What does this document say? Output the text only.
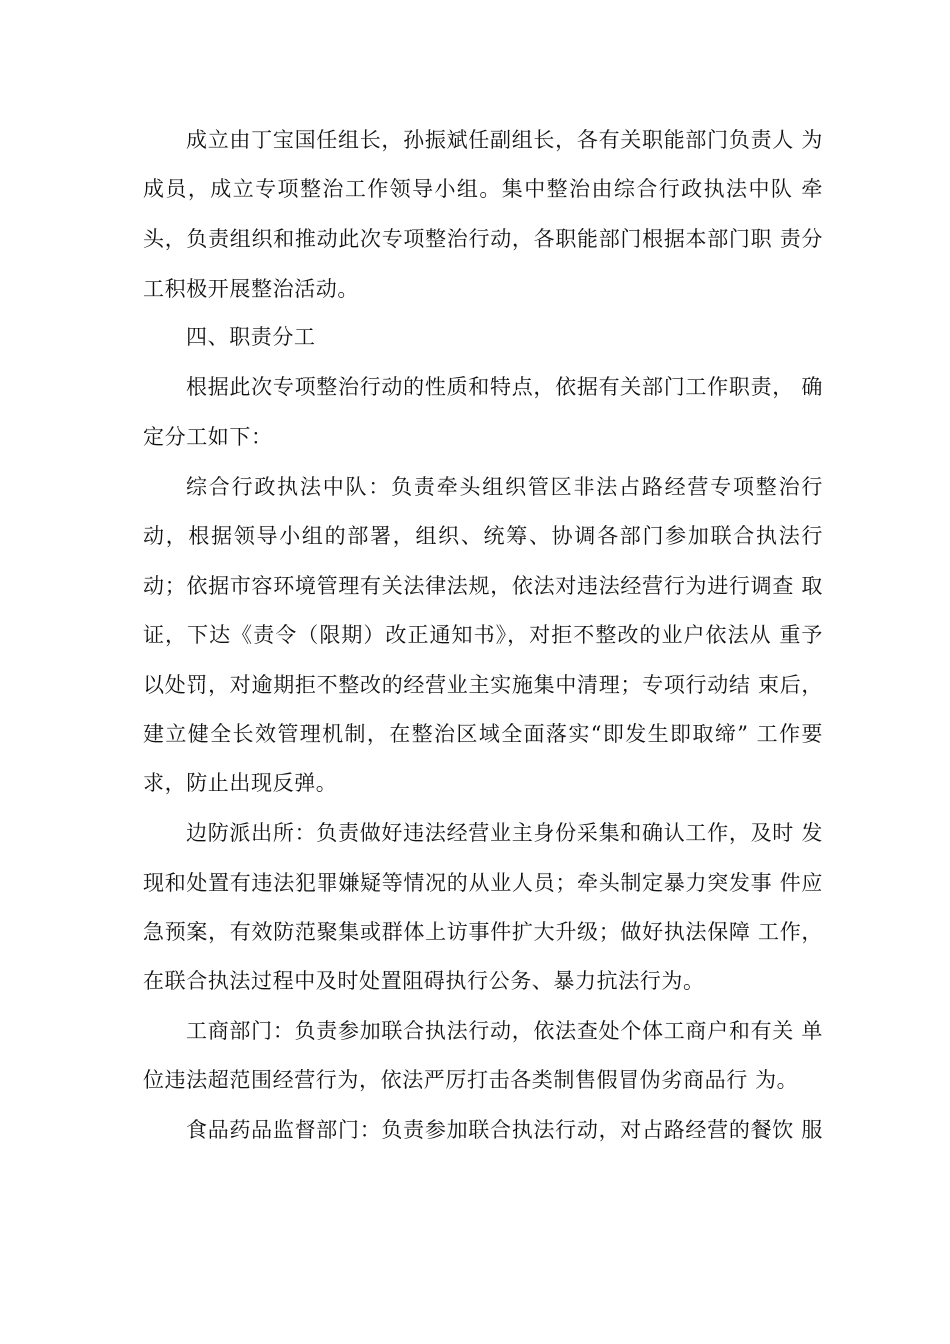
成立由丁宝国任组长，孙振斌任副组长，各有关职能部门负责人 为

成员，成立专项整治工作领导小组。集中整治由综合行政执法中队 牵

头，负责组织和推动此次专项整治行动，各职能部门根据本部门职 责分

工积极开展整治活动。

四、职责分工

根据此次专项整治行动的性质和特点，依据有关部门工作职责， 确

定分工如下：

综合行政执法中队：负责牵头组织管区非法占路经营专项整治行

动，根据领导小组的部署，组织、统筹、协调各部门参加联合执法行

动；依据市容环境管理有关法律法规，依法对违法经营行为进行调查 取

证，下达《责令（限期）改正通知书》，对拒不整改的业户依法从 重予

以处罚，对逾期拒不整改的经营业主实施集中清理；专项行动结 束后，

建立健全长效管理机制，在整治区域全面落实“即发生即取缔” 工作要

求，防止出现反弹。

边防派出所：负责做好违法经营业主身份采集和确认工作，及时 发

现和处置有违法犯罪嫌疑等情况的从业人员；牵头制定暴力突发事 件应

急预案，有效防范聚集或群体上访事件扩大升级；做好执法保障 工作，

在联合执法过程中及时处置阻碍执行公务、暴力抗法行为。

工商部门：负责参加联合执法行动，依法查处个体工商户和有关 单

位违法超范围经营行为，依法严厉打击各类制售假冒伪劣商品行 为。

食品药品监督部门：负责参加联合执法行动，对占路经营的餐饮 服
